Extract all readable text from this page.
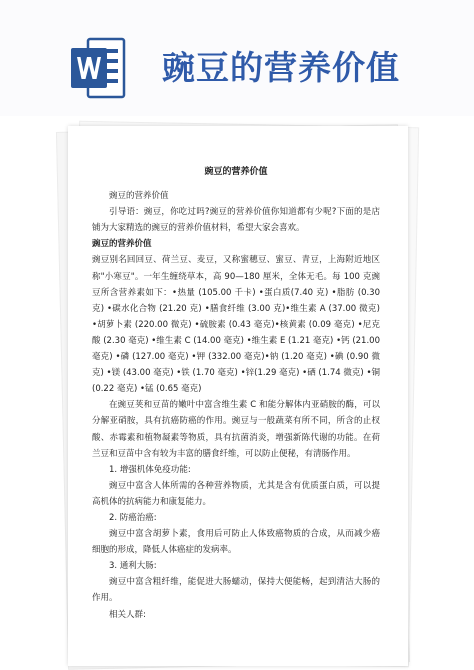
豌豆的营养价值
豌豆的营养价值

豌豆的营养价值

引导语：豌豆，你吃过吗?豌豆的营养价值你知道都有少呢?下面的是店铺为大家精选的豌豆的营养价值材料，希望大家会喜欢。

豌豆的营养价值

豌豆别名回回豆、荷兰豆、麦豆，又称蜜穗豆、蜜豆、青豆，上海附近地区称"小寒豆"。一年生缠绕草本，高 90—180 厘米，全体无毛。每 100 克豌豆所含营养素如下：•热量 (105.00 千卡) •蛋白质(7.40 克) •脂肪 (0.30 克) •碳水化合物 (21.20 克) •膳食纤维 (3.00 克)•维生素 A (37.00 微克) •胡萝卜素 (220.00 微克) •硫胺素 (0.43 毫克)•核黄素 (0.09 毫克) •尼克酸 (2.30 毫克) •维生素 C (14.00 毫克) •维生素 E (1.21 毫克) •钙 (21.00 毫克) •磷 (127.00 毫克) •钾 (332.00 毫克)•钠 (1.20 毫克) •碘 (0.90 微克) •镁 (43.00 毫克) •铁 (1.70 毫克) •锌(1.29 毫克) •硒 (1.74 微克) •铜 (0.22 毫克) •锰 (0.65 毫克)

在豌豆荚和豆苗的嫩叶中富含维生素 C 和能分解体内亚硝胺的酶，可以分解亚硝胺，具有抗癌防癌的作用。豌豆与一般蔬菜有所不同，所含的止杈酸、赤霉素和植物凝素等物质，具有抗菌消炎，增强新陈代谢的功能。在荷兰豆和豆苗中含有较为丰富的膳食纤维，可以防止便秘，有清肠作用。

1. 增强机体免疫功能:

豌豆中富含人体所需的各种营养物质，尤其是含有优质蛋白质，可以提高机体的抗病能力和康复能力。

2. 防癌治癌:

豌豆中富含胡萝卜素，食用后可防止人体致癌物质的合成，从而减少癌细胞的形成，降低人体癌症的发病率。

3. 通利大肠:

豌豆中富含粗纤维，能促进大肠蠕动，保持大便能畅，起到清洁大肠的作用。

相关人群:
